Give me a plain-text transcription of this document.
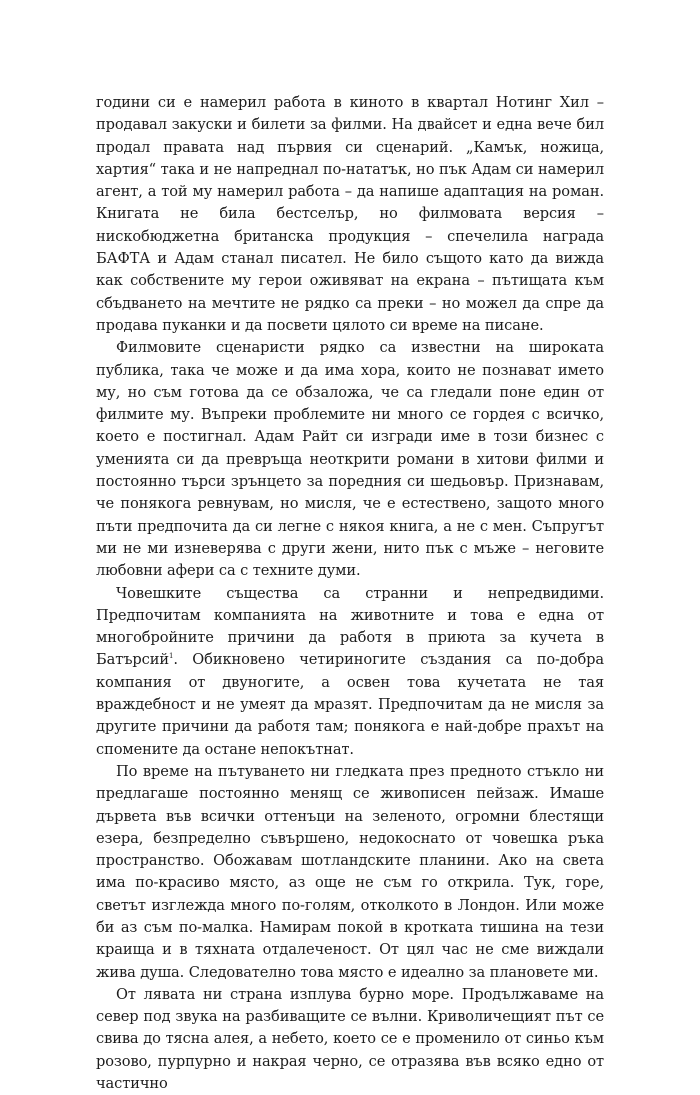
години си е намерил работа в киното в квартал Нотинг Хил – продавал закуски и билети за филми. На двайсет и една вече бил продал правата над първия си сценарий. „Камък, ножица, хартия“ така и не напреднал по-нататък, но пък Адам си намерил агент, а той му намерил работа – да напише адаптация на роман. Книгата не била бестселър, но филмовата версия – нискобюджетна британска продукция – спечелила награда БАФТА и Адам станал писател. Не било същото като да вижда как собствените му герои оживяват на екрана – пътищата към сбъдването на мечтите не рядко са преки – но можел да спре да продава пуканки и да посвети цялото си време на писане.

Филмовите сценаристи рядко са известни на широката публика, така че може и да има хора, които не познават името му, но съм готова да се обзаложа, че са гледали поне един от филмите му. Въпреки проблемите ни много се гордея с всичко, което е постигнал. Адам Райт си изгради име в този бизнес с уменията си да превръща неоткрити романи в хитови филми и постоянно търси зрънцето за поредния си шедьовър. Признавам, че понякога ревнувам, но мисля, че е естествено, защото много пъти предпочита да си легне с някоя книга, а не с мен. Съпругът ми не ми изневерява с други жени, нито пък с мъже – неговите любовни афери са с техните думи.

Човешките същества са странни и непредвидими. Предпочитам компанията на животните и това е една от многобройните причини да работя в приюта за кучета в Батърсий$^1$. Обикновено четириногите създания са по-добра компания от двуногите, а освен това кучетата не тая враждебност и не умеят да мразят. Предпочитам да не мисля за другите причини да работя там; понякога е най-добре прахът на спомените да остане непокътнат.

По време на пътуването ни гледката през предното стъкло ни предлагаше постоянно менящ се живописен пейзаж. Имаше дървета във всички оттенъци на зеленото, огромни блестящи езера, безпределно съвършено, недокоснато от човешка ръка пространство. Обожавам шотландските планини. Ако на света има по-красиво място, аз още не съм го открила. Тук, горе, светът изглежда много по-голям, отколкото в Лондон. Или може би аз съм по-малка. Намирам покой в кротката тишина на тези краища и в тяхната отдалеченост. От цял час не сме виждали жива душа. Следователно това място е идеално за плановете ми.

От лявата ни страна изплува бурно море. Продължаваме на север под звука на разбиващите се вълни. Криволичещият път се свива до тясна алея, а небето, което се е променило от синьо към розово, пурпурно и накрая черно, се отразява във всяко едно от частично
